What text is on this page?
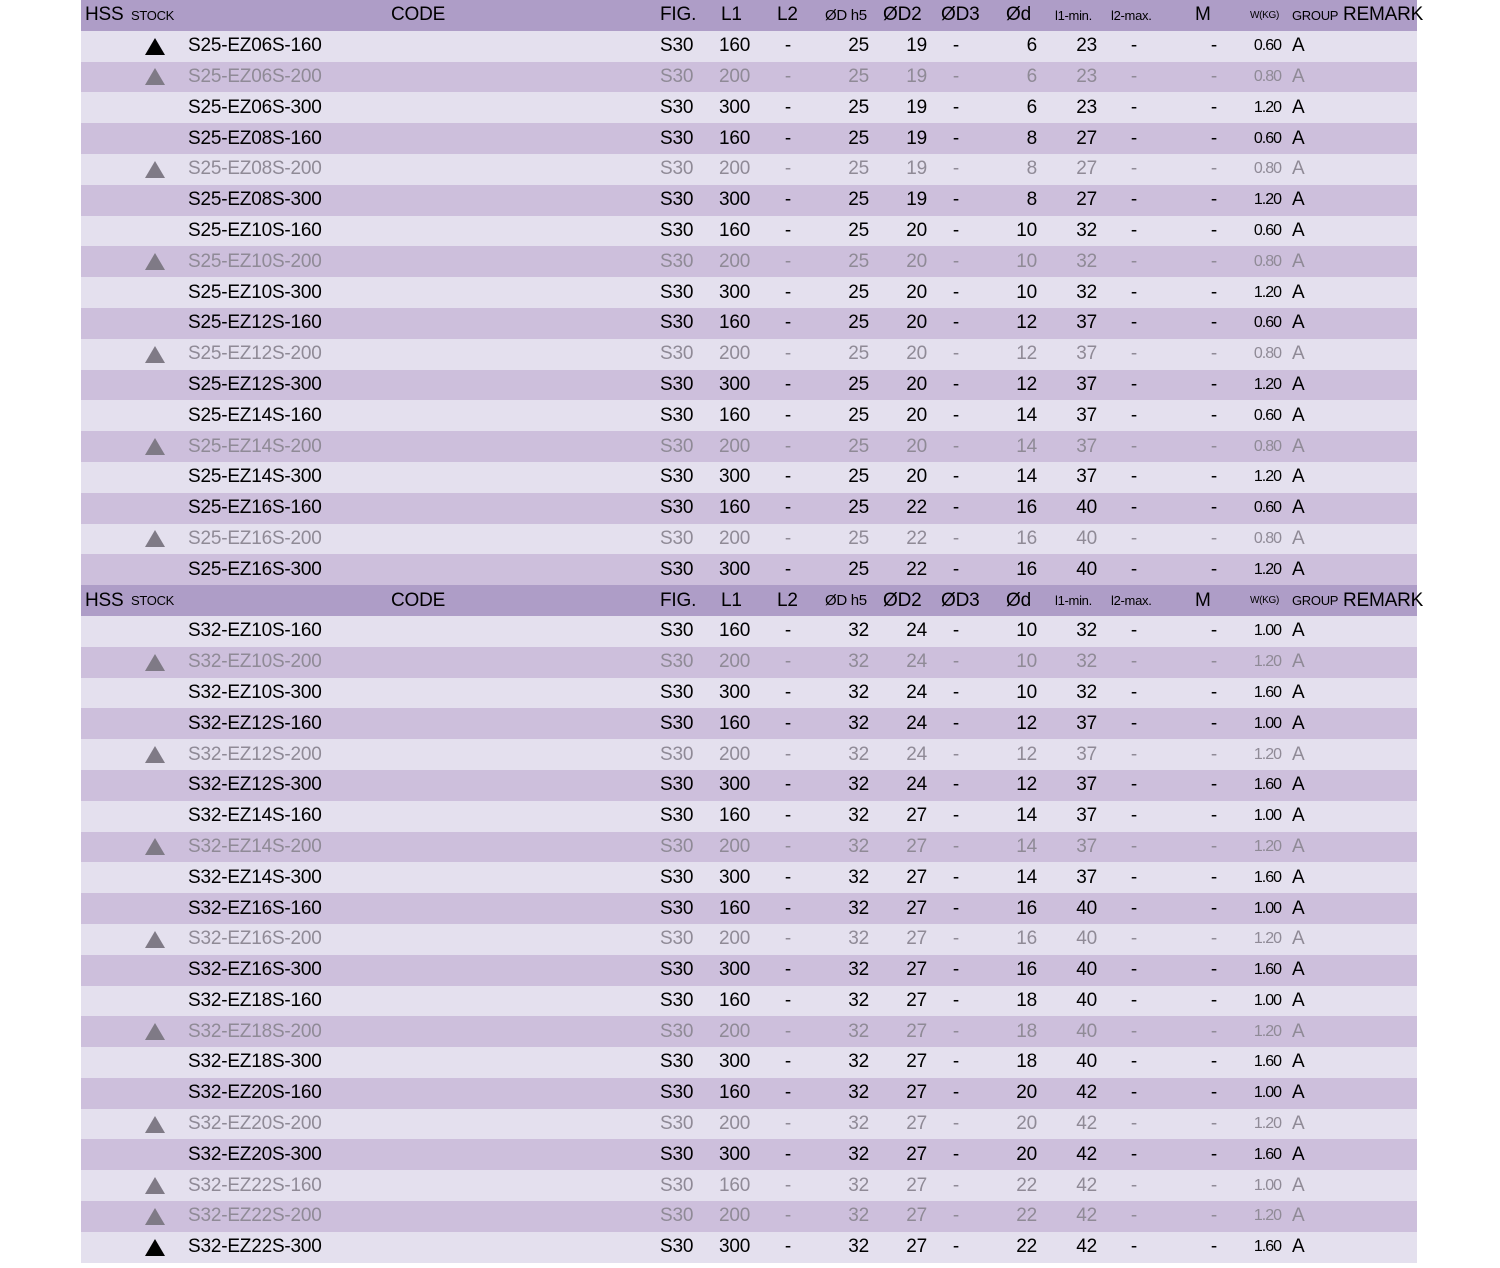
HSS STOCK	CODE	FIG. L1	L2	ØD h5 ØD2	ØD3	Ød	l1-min.	l2-max.	M	W(KG) GROUP REMARK
S25-EZ06S-160	S30	160	-	25	19	-	6	23	-	-	0.60 A
S25-EZ06S-200	S30	200	-	25	19	-	6	23	-	-	0.80 A
S25-EZ06S-300	S30	300	-	25	19	-	6	23	-	-	1.20 A
S25-EZ08S-160	S30	160	-	25	19	-	8	27	-	-	0.60 A
S25-EZ08S-200	S30	200	-	25	19	-	8	27	-	-	0.80 A
S25-EZ08S-300	S30	300	-	25	19	-	8	27	-	-	1.20 A
S25-EZ10S-160	S30	160	-	25	20	-	10	32	-	-	0.60 A
S25-EZ10S-200	S30	200	-	25	20	-	10	32	-	-	0.80 A
S25-EZ10S-300	S30	300	-	25	20	-	10	32	-	-	1.20 A
S25-EZ12S-160	S30	160	-	25	20	-	12	37	-	-	0.60 A
S25-EZ12S-200	S30	200	-	25	20	-	12	37	-	-	0.80 A
S25-EZ12S-300	S30	300	-	25	20	-	12	37	-	-	1.20 A
S25-EZ14S-160	S30	160	-	25	20	-	14	37	-	-	0.60 A
S25-EZ14S-200	S30	200	-	25	20	-	14	37	-	-	0.80 A
S25-EZ14S-300	S30	300	-	25	20	-	14	37	-	-	1.20 A
S25-EZ16S-160	S30	160	-	25	22	-	16	40	-	-	0.60 A
S25-EZ16S-200	S30	200	-	25	22	-	16	40	-	-	0.80 A
S25-EZ16S-300	S30	300	-	25	22	-	16	40	-	-	1.20 A
HSS STOCK	CODE	FIG. L1	L2	ØD h5 ØD2	ØD3	Ød	l1-min.	l2-max.	M	W(KG) GROUP REMARK
S32-EZ10S-160	S30	160	-	32	24	-	10	32	-	-	1.00 A
S32-EZ10S-200	S30	200	-	32	24	-	10	32	-	-	1.20 A
S32-EZ10S-300	S30	300	-	32	24	-	10	32	-	-	1.60 A
S32-EZ12S-160	S30	160	-	32	24	-	12	37	-	-	1.00 A
S32-EZ12S-200	S30	200	-	32	24	-	12	37	-	-	1.20 A
S32-EZ12S-300	S30	300	-	32	24	-	12	37	-	-	1.60 A
S32-EZ14S-160	S30	160	-	32	27	-	14	37	-	-	1.00 A
S32-EZ14S-200	S30	200	-	32	27	-	14	37	-	-	1.20 A
S32-EZ14S-300	S30	300	-	32	27	-	14	37	-	-	1.60 A
S32-EZ16S-160	S30	160	-	32	27	-	16	40	-	-	1.00 A
S32-EZ16S-200	S30	200	-	32	27	-	16	40	-	-	1.20 A
S32-EZ16S-300	S30	300	-	32	27	-	16	40	-	-	1.60 A
S32-EZ18S-160	S30	160	-	32	27	-	18	40	-	-	1.00 A
S32-EZ18S-200	S30	200	-	32	27	-	18	40	-	-	1.20 A
S32-EZ18S-300	S30	300	-	32	27	-	18	40	-	-	1.60 A
S32-EZ20S-160	S30	160	-	32	27	-	20	42	-	-	1.00 A
S32-EZ20S-200	S30	200	-	32	27	-	20	42	-	-	1.20 A
S32-EZ20S-300	S30	300	-	32	27	-	20	42	-	-	1.60 A
S32-EZ22S-160	S30	160	-	32	27	-	22	42	-	-	1.00 A
S32-EZ22S-200	S30	200	-	32	27	-	22	42	-	-	1.20 A
S32-EZ22S-300	S30	300	-	32	27	-	22	42	-	-	1.60 A
